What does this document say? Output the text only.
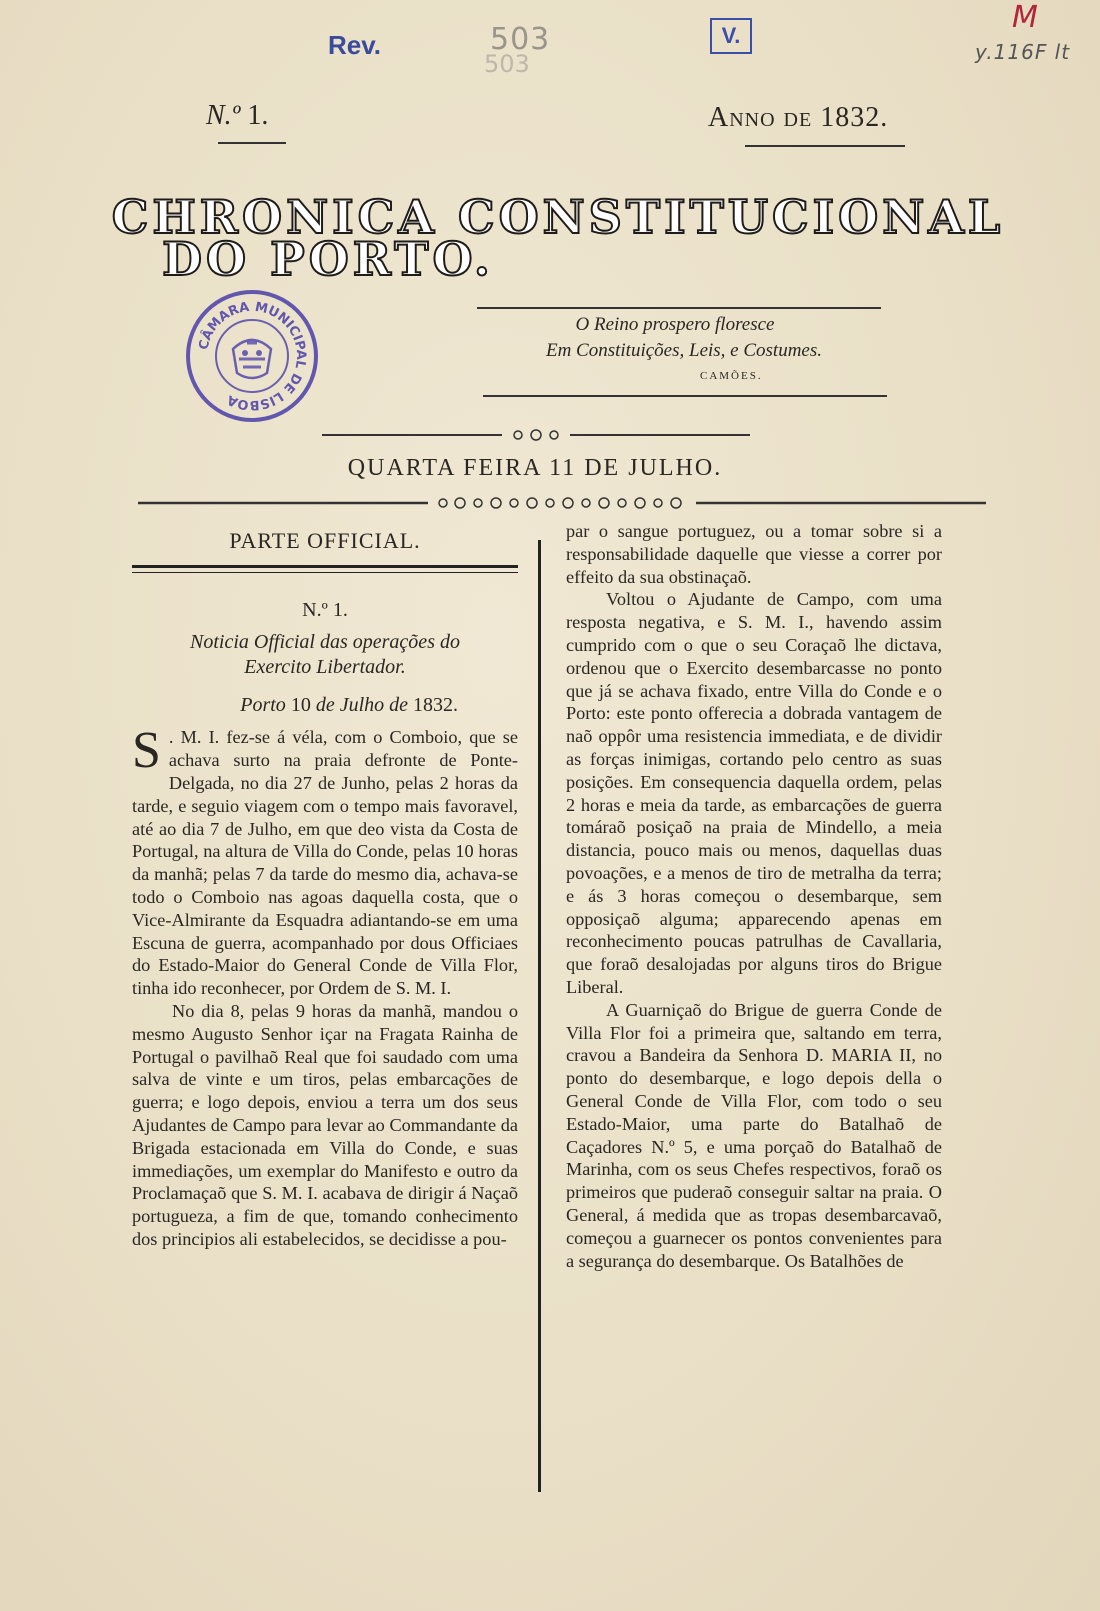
Rev.	503
503
V.
M
y.116F lt
CÂMARA MUNICIPAL DE LISBOA
N.º 1.	Anno de 1832.
CHRONICA CONSTITUCIONAL
DO PORTO.
O Reino prospero floresce
Em Constituições, Leis, e Costumes.
CAMÕES.
QUARTA FEIRA 11 DE JULHO.
PARTE OFFICIAL.
N.º 1.
Noticia Official das operações do Exercito Libertador.
Porto 10 de Julho de 1832.

S . M. I. fez-se á véla, com o Comboio, que se achava surto na praia defronte de Ponte-Delgada, no dia 27 de Junho, pelas 2 horas da tarde, e seguio viagem com o tempo mais favoravel, até ao dia 7 de Julho, em que deo vista da Costa de Portugal, na altura de Villa do Conde, pelas 10 horas da manhã; pelas 7 da tarde do mesmo dia, achava-se todo o Comboio nas agoas daquella costa, que o Vice-Almirante da Esquadra adiantando-se em uma Escuna de guerra, acompanhado por dous Officiaes do Estado-Maior do General Conde de Villa Flor, tinha ido reconhecer, por Ordem de S. M. I.

No dia 8, pelas 9 horas da manhã, mandou o mesmo Augusto Senhor içar na Fragata Rainha de Portugal o pavilhaõ Real que foi saudado com uma salva de vinte e um tiros, pelas embarcações de guerra; e logo depois, enviou a terra um dos seus Ajudantes de Campo para levar ao Commandante da Brigada estacionada em Villa do Conde, e suas immediações, um exemplar do Manifesto e outro da Proclamaçaõ que S. M. I. acabava de dirigir á Naçaõ portugueza, a fim de que, tomando conhecimento dos principios ali estabelecidos, se decidisse a pou-

par o sangue portuguez, ou a tomar sobre si a responsabilidade daquelle que viesse a correr por effeito da sua obstinaçaõ.

Voltou o Ajudante de Campo, com uma resposta negativa, e S. M. I., havendo assim cumprido com o que o seu Coraçaõ lhe dictava, ordenou que o Exercito desembarcasse no ponto que já se achava fixado, entre Villa do Conde e o Porto: este ponto offerecia a dobrada vantagem de naõ oppôr uma resistencia immediata, e de dividir as forças inimigas, cortando pelo centro as suas posições. Em consequencia daquella ordem, pelas 2 horas e meia da tarde, as embarcações de guerra tomáraõ posiçaõ na praia de Mindello, a meia distancia, pouco mais ou menos, daquellas duas povoações, e a menos de tiro de metralha da terra; e ás 3 horas começou o desembarque, sem opposiçaõ alguma; apparecendo apenas em reconhecimento poucas patrulhas de Cavallaria, que foraõ desalojadas por alguns tiros do Brigue Liberal.

A Guarniçaõ do Brigue de guerra Conde de Villa Flor foi a primeira que, saltando em terra, cravou a Bandeira da Senhora D. MARIA II, no ponto do desembarque, e logo depois della o General Conde de Villa Flor, com todo o seu Estado-Maior, uma parte do Batalhaõ de Caçadores N.º 5, e uma porçaõ do Batalhaõ de Marinha, com os seus Chefes respectivos, foraõ os primeiros que puderaõ conseguir saltar na praia. O General, á medida que as tropas desembarcavaõ, começou a guarnecer os pontos convenientes para a segurança do desembarque. Os Batalhões de
